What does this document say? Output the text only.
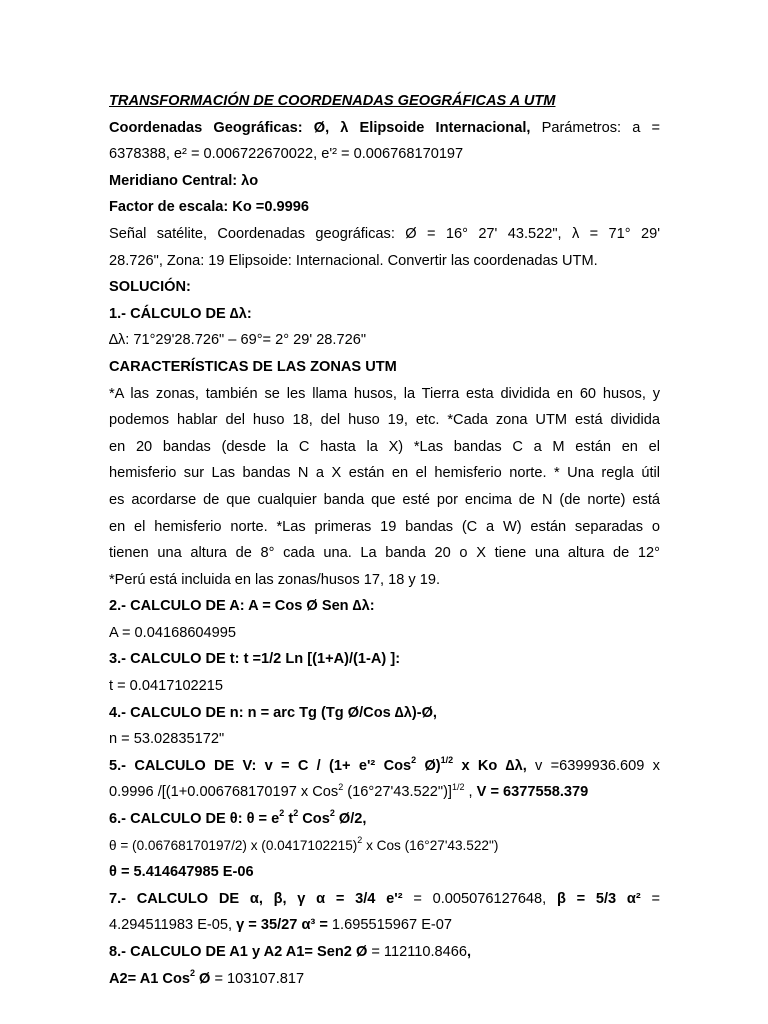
TRANSFORMACIÓN DE COORDENADAS GEOGRÁFICAS A UTM
Coordenadas Geográficas: Ø, λ Elipsoide Internacional, Parámetros: a =
6378388, e² = 0.006722670022, e'² = 0.006768170197
Meridiano Central: λo
Factor de escala: Ko =0.9996
Señal satélite, Coordenadas geográficas: Ø = 16° 27' 43.522", λ = 71° 29'
28.726", Zona: 19 Elipsoide: Internacional. Convertir las coordenadas UTM.
SOLUCIÓN:
1.- CÁLCULO DE ∆λ:
∆λ: 71°29'28.726" – 69°= 2° 29' 28.726"
CARACTERÍSTICAS DE LAS ZONAS UTM
*A las zonas, también se les llama husos, la Tierra esta dividida en 60 husos, y
podemos hablar del huso 18, del huso 19, etc. *Cada zona UTM está dividida
en 20 bandas (desde la C hasta la X) *Las bandas C a M están en el
hemisferio sur Las bandas N a X están en el hemisferio norte. * Una regla útil
es acordarse de que cualquier banda que esté por encima de N (de norte) está
en el hemisferio norte. *Las primeras 19 bandas (C a W) están separadas o
tienen una altura de 8° cada una. La banda 20 o X tiene una altura de 12°
*Perú está incluida en las zonas/husos 17, 18 y 19.
2.- CALCULO DE A: A = Cos Ø Sen ∆λ:
A = 0.04168604995
3.- CALCULO DE t: t =1/2 Ln [(1+A)/(1-A) ]:
t = 0.0417102215
4.- CALCULO DE n: n = arc Tg (Tg Ø/Cos ∆λ)-Ø,
n = 53.02835172"
5.- CALCULO DE V: v = C / (1+ e'² Cos$^2$ Ø)$^{1/2}$ x Ko ∆λ, v =6399936.609 x
0.9996 /[(1+0.006768170197 x Cos$^2$ (16°27'43.522")]$^{1/2}$ , V = 6377558.379
6.- CALCULO DE θ: $\theta = e^2$ $t^2$ Cos$^2$ Ø/2,
θ = (0.06768170197/2) x $(0.0417102215)^2$ x Cos (16°27'43.522")
θ = 5.414647985 E-06
7.- CALCULO DE α, β, γ α = 3/4 e'² = 0.005076127648, β = 5/3 α² =
4.294511983 E-05, γ = 35/27 α³ = 1.695515967 E-07
8.- CALCULO DE A1 y A2 A1= Sen2 Ø = 112110.8466,
A2= A1 Cos$^2$ Ø = 103107.817
